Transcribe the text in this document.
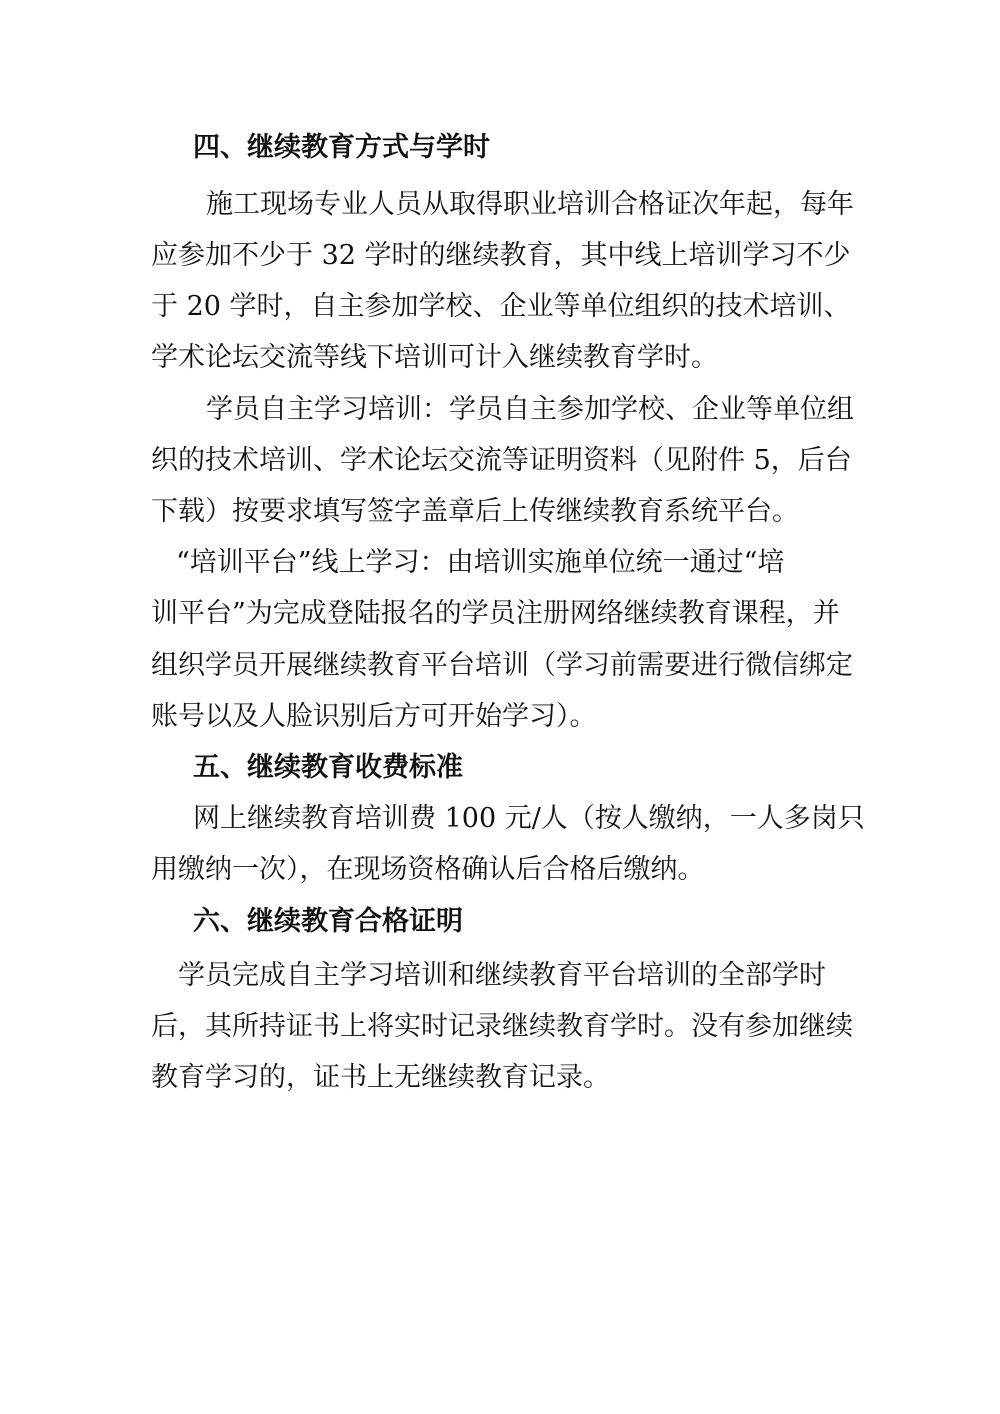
四、继续教育方式与学时
施工现场专业人员从取得职业培训合格证次年起，每年
应参加不少于 32 学时的继续教育，其中线上培训学习不少
于 20 学时，自主参加学校、企业等单位组织的技术培训、
学术论坛交流等线下培训可计入继续教育学时。
学员自主学习培训：学员自主参加学校、企业等单位组
织的技术培训、学术论坛交流等证明资料（见附件 5，后台
下载）按要求填写签字盖章后上传继续教育系统平台。
“培训平台”线上学习：由培训实施单位统一通过“培
训平台”为完成登陆报名的学员注册网络继续教育课程，并
组织学员开展继续教育平台培训（学习前需要进行微信绑定
账号以及人脸识别后方可开始学习）。
五、继续教育收费标准
网上继续教育培训费 100 元/人（按人缴纳，一人多岗只
用缴纳一次），在现场资格确认后合格后缴纳。
六、继续教育合格证明
学员完成自主学习培训和继续教育平台培训的全部学时
后，其所持证书上将实时记录继续教育学时。没有参加继续
教育学习的，证书上无继续教育记录。
